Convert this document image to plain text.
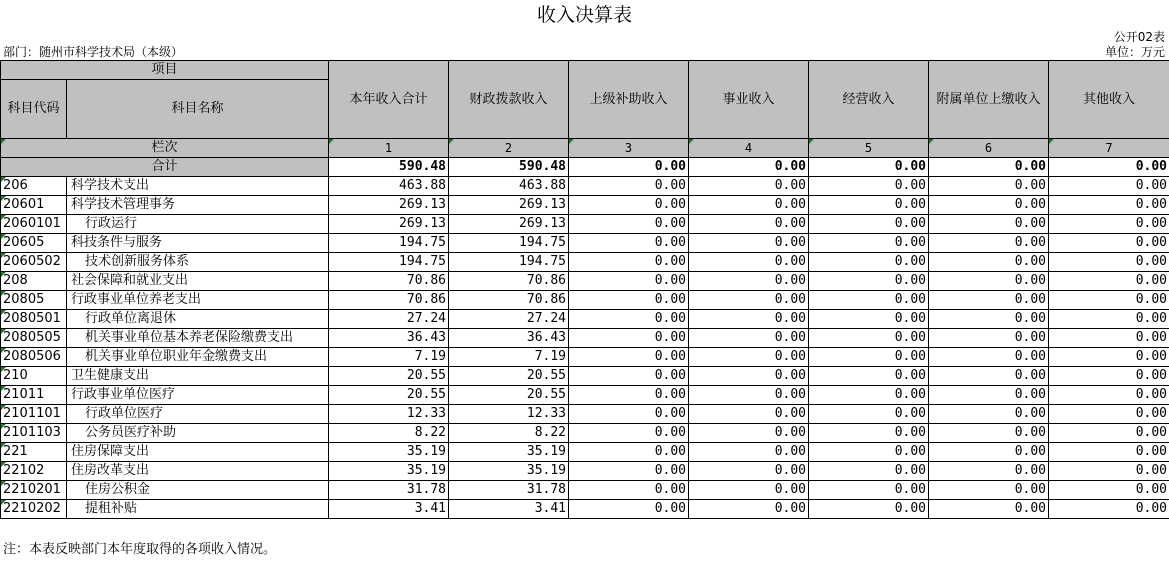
收入决算表
公开02表
部门：随州市科学技术局（本级）	单位：万元
项目		本年收入合计	财政拨款收入	上级补助收入	事业收入	经营收入	附属单位上缴收入	其他收入
科目代码	科目名称							
栏次		1	2	3	4	5	6	7
合计		590.48	590.48	0.00	0.00	0.00	0.00	0.00
206	科学技术支出	463.88	463.88	0.00	0.00	0.00	0.00	0.00
20601	科学技术管理事务	269.13	269.13	0.00	0.00	0.00	0.00	0.00
2060101	行政运行	269.13	269.13	0.00	0.00	0.00	0.00	0.00
20605	科技条件与服务	194.75	194.75	0.00	0.00	0.00	0.00	0.00
2060502	技术创新服务体系	194.75	194.75	0.00	0.00	0.00	0.00	0.00
208	社会保障和就业支出	70.86	70.86	0.00	0.00	0.00	0.00	0.00
20805	行政事业单位养老支出	70.86	70.86	0.00	0.00	0.00	0.00	0.00
2080501	行政单位离退休	27.24	27.24	0.00	0.00	0.00	0.00	0.00
2080505	机关事业单位基本养老保险缴费支出	36.43	36.43	0.00	0.00	0.00	0.00	0.00
2080506	机关事业单位职业年金缴费支出	7.19	7.19	0.00	0.00	0.00	0.00	0.00
210	卫生健康支出	20.55	20.55	0.00	0.00	0.00	0.00	0.00
21011	行政事业单位医疗	20.55	20.55	0.00	0.00	0.00	0.00	0.00
2101101	行政单位医疗	12.33	12.33	0.00	0.00	0.00	0.00	0.00
2101103	公务员医疗补助	8.22	8.22	0.00	0.00	0.00	0.00	0.00
221	住房保障支出	35.19	35.19	0.00	0.00	0.00	0.00	0.00
22102	住房改革支出	35.19	35.19	0.00	0.00	0.00	0.00	0.00
2210201	住房公积金	31.78	31.78	0.00	0.00	0.00	0.00	0.00
2210202	提租补贴	3.41	3.41	0.00	0.00	0.00	0.00	0.00
注：本表反映部门本年度取得的各项收入情况。
